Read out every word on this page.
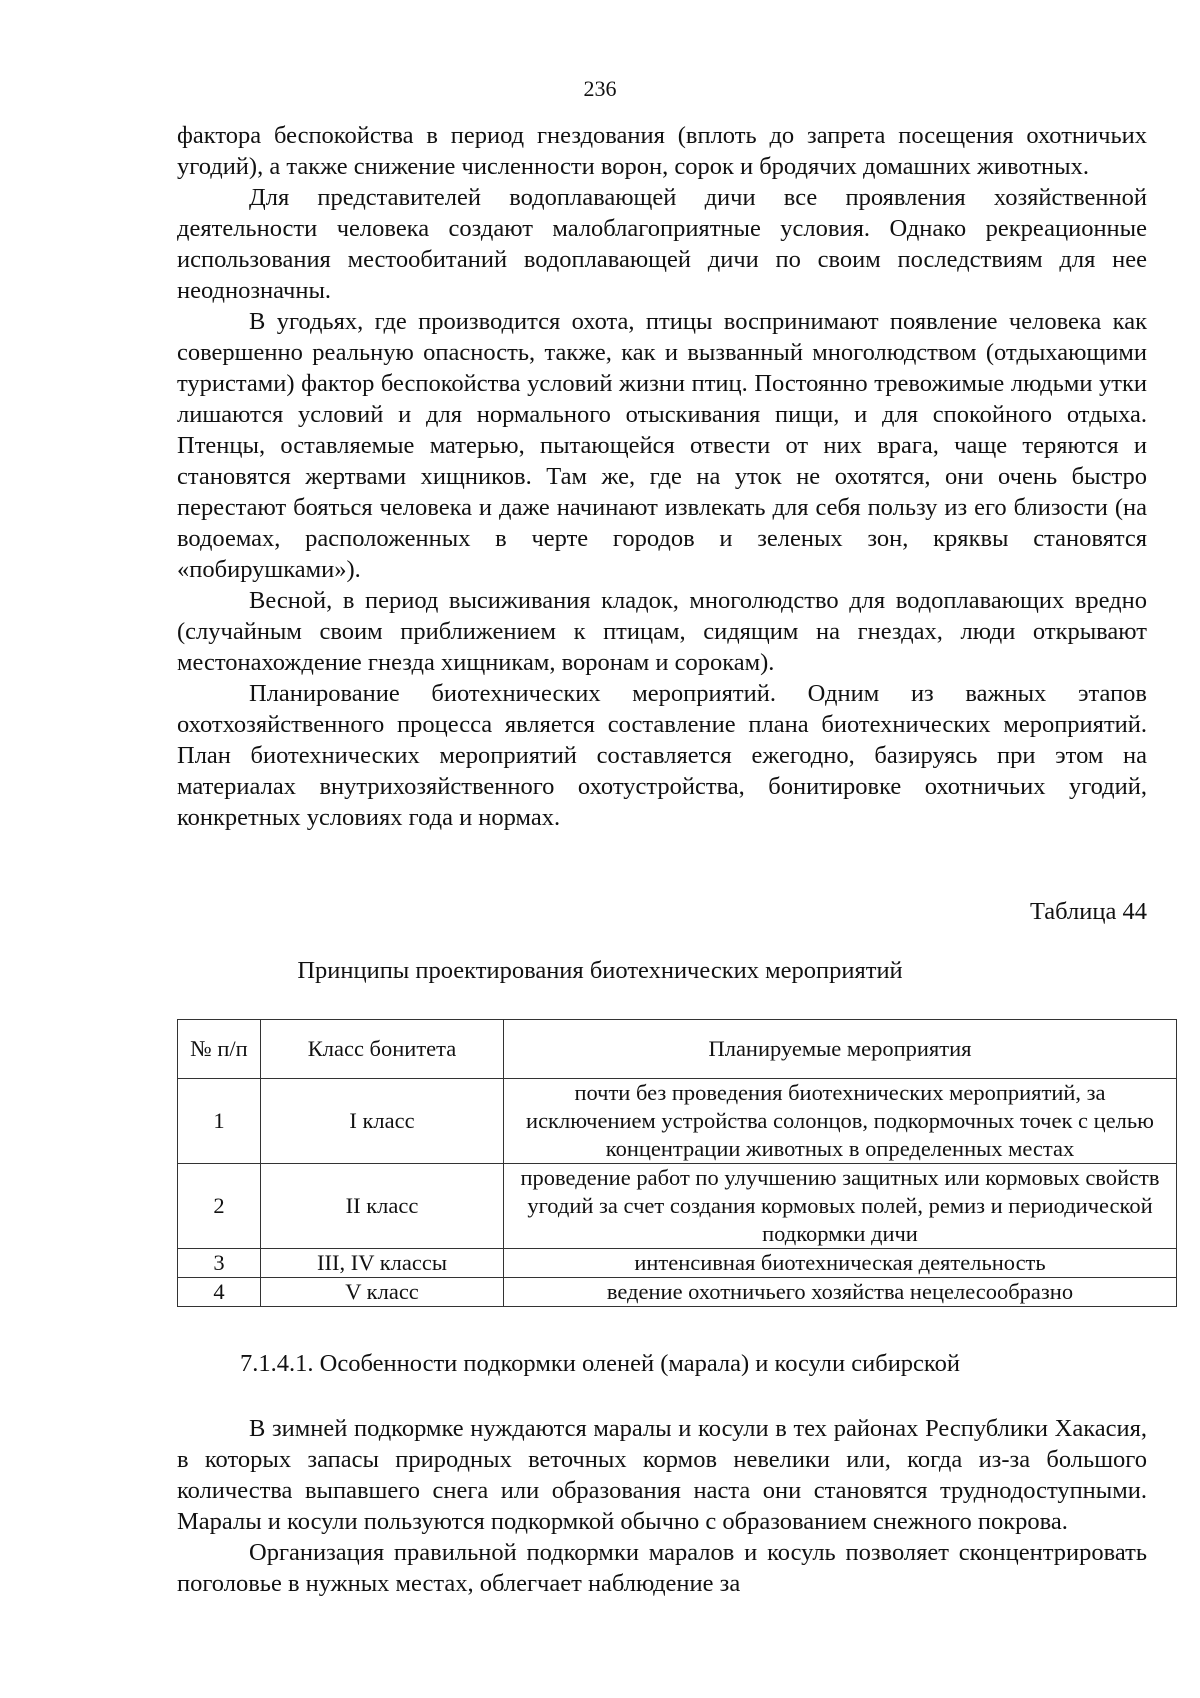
236

фактора беспокойства в период гнездования (вплоть до запрета посещения охотничьих угодий), а также снижение численности ворон, сорок и бродячих домашних животных.

Для представителей водоплавающей дичи все проявления хозяйственной деятельности человека создают малоблагоприятные условия. Однако рекреационные использования местообитаний водоплавающей дичи по своим последствиям для нее неоднозначны.

В угодьях, где производится охота, птицы воспринимают появление человека как совершенно реальную опасность, также, как и вызванный многолюдством (отдыхающими туристами) фактор беспокойства условий жизни птиц. Постоянно тревожимые людьми утки лишаются условий и для нормального отыскивания пищи, и для спокойного отдыха. Птенцы, оставляемые матерью, пытающейся отвести от них врага, чаще теряются и становятся жертвами хищников. Там же, где на уток не охотятся, они очень быстро перестают бояться человека и даже начинают извлекать для себя пользу из его близости (на водоемах, расположенных в черте городов и зеленых зон, кряквы становятся «побирушками»).

Весной, в период высиживания кладок, многолюдство для водоплавающих вредно (случайным своим приближением к птицам, сидящим на гнездах, люди открывают местонахождение гнезда хищникам, воронам и сорокам).

Планирование биотехнических мероприятий. Одним из важных этапов охотхозяйственного процесса является составление плана биотехнических мероприятий. План биотехнических мероприятий составляется ежегодно, базируясь при этом на материалах внутрихозяйственного охотустройства, бонитировке охотничьих угодий, конкретных условиях года и нормах.

Таблица 44
Принципы проектирования биотехнических мероприятий
№ п/п	Класс бонитета	Планируемые мероприятия
1	I класс	почти без проведения биотехнических мероприятий, за исключением устройства солонцов, подкормочных точек с целью концентрации животных в определенных местах
2	II класс	проведение работ по улучшению защитных или кормовых свойств угодий за счет создания кормовых полей, ремиз и периодической подкормки дичи
3	III, IV классы	интенсивная биотехническая деятельность
4	V класс	ведение охотничьего хозяйства нецелесообразно
7.1.4.1. Особенности подкормки оленей (марала) и косули сибирской

В зимней подкормке нуждаются маралы и косули в тех районах Республики Хакасия, в которых запасы природных веточных кормов невелики или, когда из-за большого количества выпавшего снега или образования наста они становятся труднодоступными. Маралы и косули пользуются подкормкой обычно с образованием снежного покрова.

Организация правильной подкормки маралов и косуль позволяет сконцентрировать поголовье в нужных местах, облегчает наблюдение за
